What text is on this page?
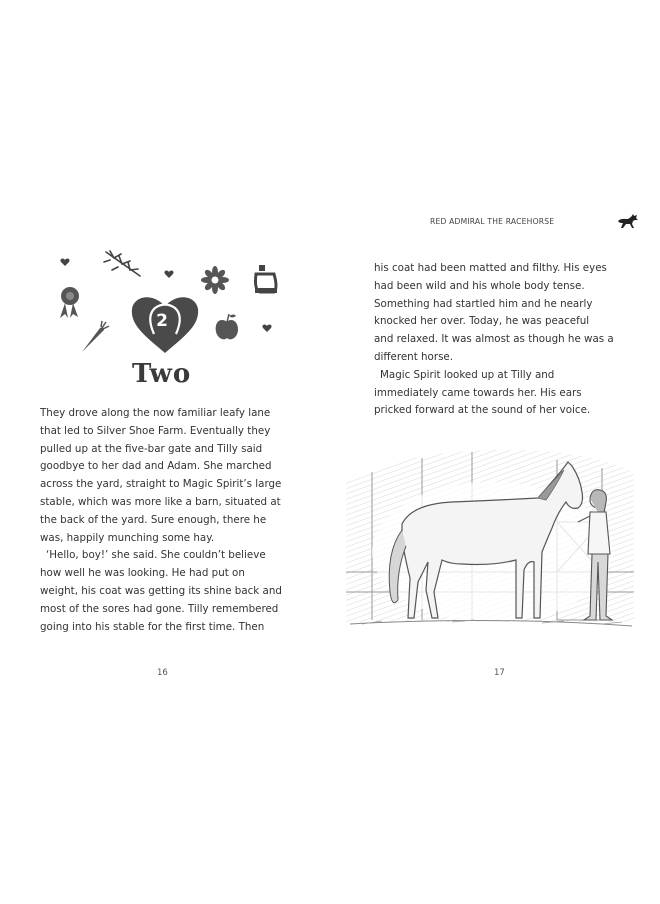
RED ADMIRAL THE RACEHORSE
2
Two
They drove along the now familiar leafy lane
that led to Silver Shoe Farm. Eventually they
pulled up at the five-bar gate and Tilly said
goodbye to her dad and Adam. She marched
across the yard, straight to Magic Spirit’s large
stable, which was more like a barn, situated at
the back of the yard. Sure enough, there he
was, happily munching some hay.
‘Hello, boy!’ she said. She couldn’t believe
how well he was looking. He had put on
weight, his coat was getting its shine back and
most of the sores had gone. Tilly remembered
going into his stable for the first time. Then
his coat had been matted and filthy. His eyes
had been wild and his whole body tense.
Something had startled him and he nearly
knocked her over. Today, he was peaceful
and relaxed. It was almost as though he was a
different horse.
Magic Spirit looked up at Tilly and
immediately came towards her. His ears
pricked forward at the sound of her voice.
16	17
